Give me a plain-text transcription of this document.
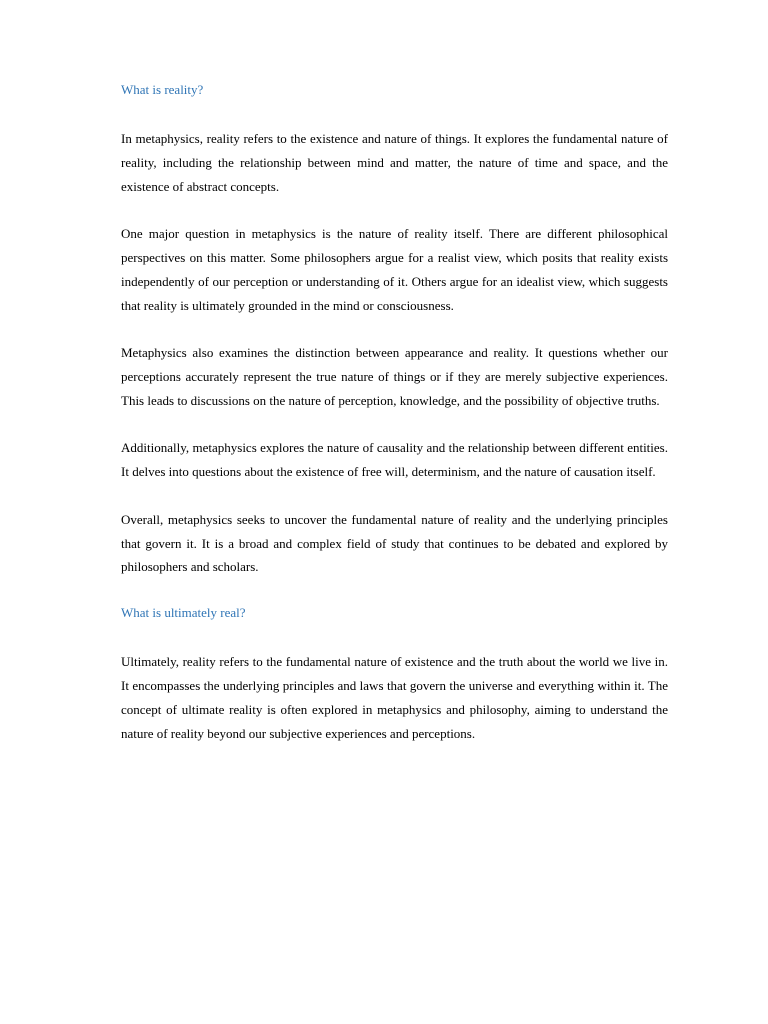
What is reality?

In metaphysics, reality refers to the existence and nature of things. It explores the fundamental nature of reality, including the relationship between mind and matter, the nature of time and space, and the existence of abstract concepts.

One major question in metaphysics is the nature of reality itself. There are different philosophical perspectives on this matter. Some philosophers argue for a realist view, which posits that reality exists independently of our perception or understanding of it. Others argue for an idealist view, which suggests that reality is ultimately grounded in the mind or consciousness.

Metaphysics also examines the distinction between appearance and reality. It questions whether our perceptions accurately represent the true nature of things or if they are merely subjective experiences. This leads to discussions on the nature of perception, knowledge, and the possibility of objective truths.

Additionally, metaphysics explores the nature of causality and the relationship between different entities. It delves into questions about the existence of free will, determinism, and the nature of causation itself.

Overall, metaphysics seeks to uncover the fundamental nature of reality and the underlying principles that govern it. It is a broad and complex field of study that continues to be debated and explored by philosophers and scholars.

What is ultimately real?

Ultimately, reality refers to the fundamental nature of existence and the truth about the world we live in. It encompasses the underlying principles and laws that govern the universe and everything within it. The concept of ultimate reality is often explored in metaphysics and philosophy, aiming to understand the nature of reality beyond our subjective experiences and perceptions.
